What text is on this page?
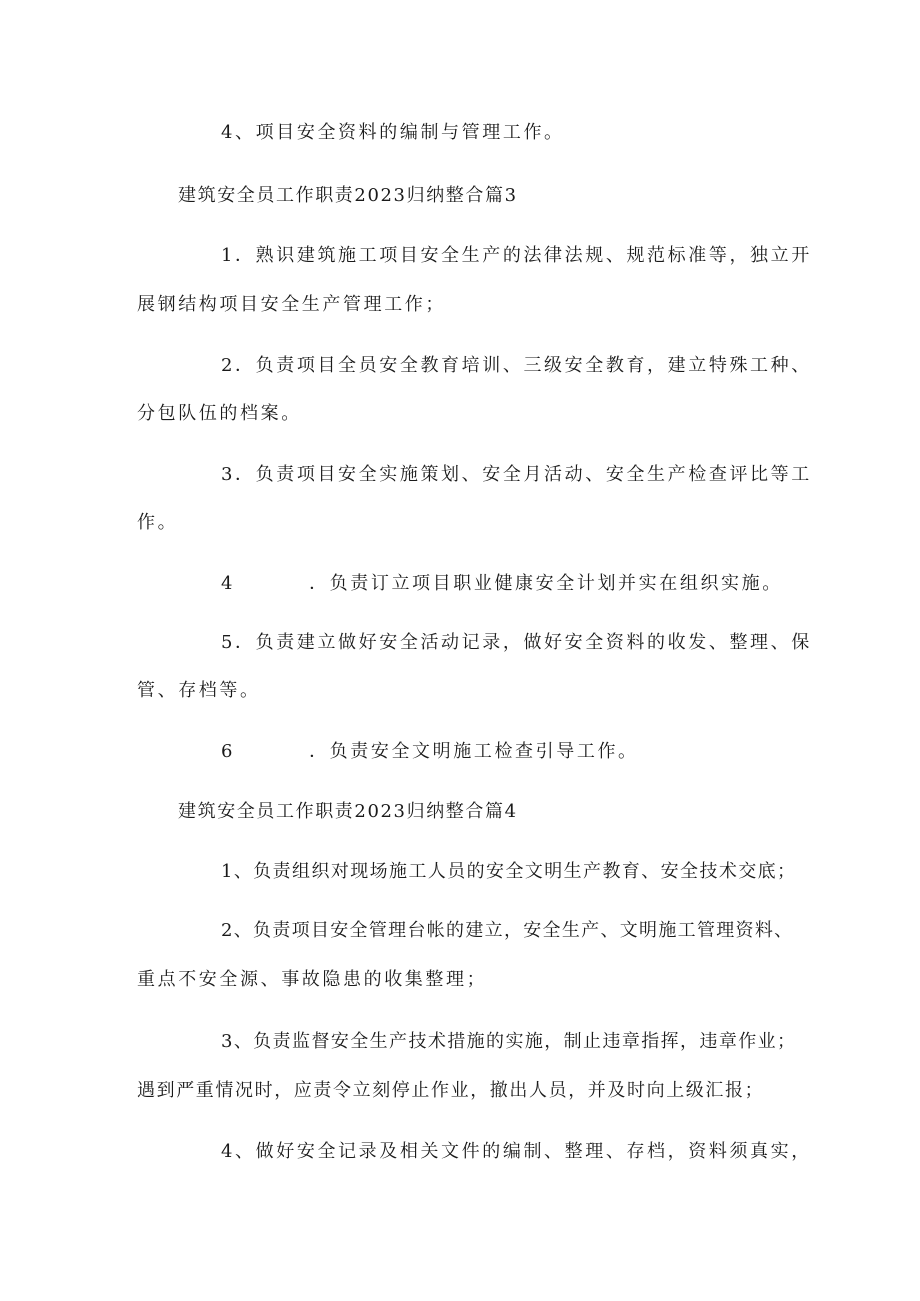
4、项目安全资料的编制与管理工作。
建筑安全员工作职责2023归纳整合篇3
1．熟识建筑施工项目安全生产的法律法规、规范标准等，独立开
展钢结构项目安全生产管理工作；
2．负责项目全员安全教育培训、三级安全教育，建立特殊工种、
分包队伍的档案。
3．负责项目安全实施策划、安全月活动、安全生产检查评比等工
作。
4	．负责订立项目职业健康安全计划并实在组织实施。
5．负责建立做好安全活动记录，做好安全资料的收发、整理、保
管、存档等。
6	．负责安全文明施工检查引导工作。
建筑安全员工作职责2023归纳整合篇4
1、负责组织对现场施工人员的安全文明生产教育、安全技术交底；
2、负责项目安全管理台帐的建立，安全生产、文明施工管理资料、
重点不安全源、事故隐患的收集整理；
3、负责监督安全生产技术措施的实施，制止违章指挥，违章作业；
遇到严重情况时，应责令立刻停止作业，撤出人员，并及时向上级汇报；
4、做好安全记录及相关文件的编制、整理、存档，资料须真实，
